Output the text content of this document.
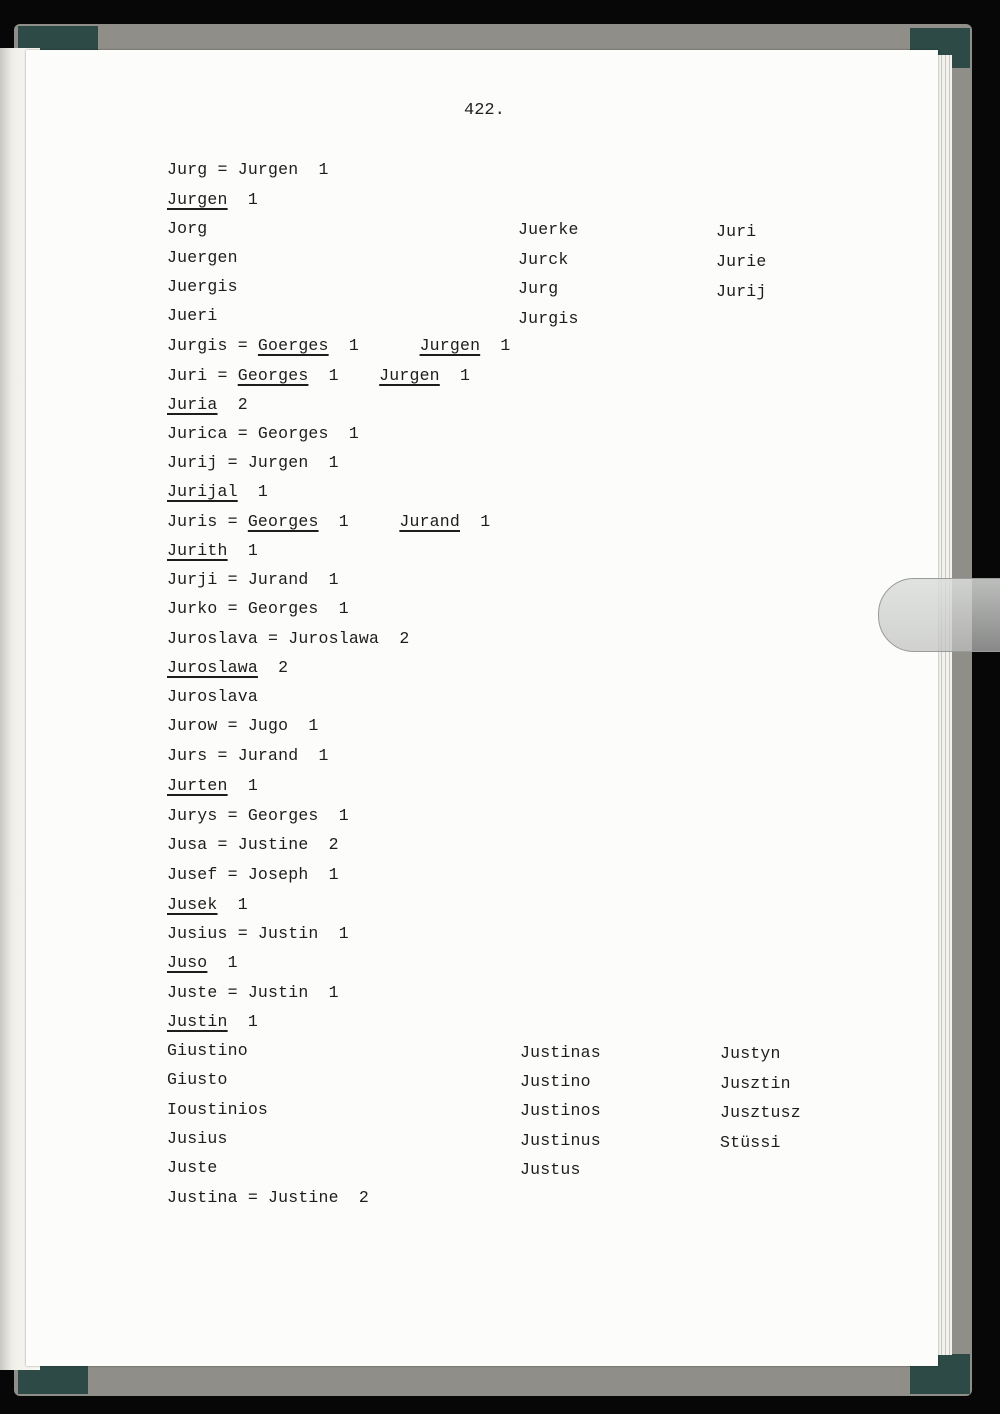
422.
Jurg = Jurgen  1
Jurgen  1
Jorg
Juergen
Juergis
Jueri
Jurgis = Goerges  1      Jurgen  1
Juri = Georges  1    Jurgen  1
Juria  2
Jurica = Georges  1
Jurij = Jurgen  1
Jurijal  1
Juris = Georges  1     Jurand  1
Jurith  1
Jurji = Jurand  1
Jurko = Georges  1
Juroslava = Juroslawa  2
Juroslawa  2
Juroslava
Jurow = Jugo  1
Jurs = Jurand  1
Jurten  1
Jurys = Georges  1
Jusa = Justine  2
Jusef = Joseph  1
Jusek  1
Jusius = Justin  1
Juso  1
Juste = Justin  1
Justin  1
Giustino
Giusto
Ioustinios
Jusius
Juste
Justina = Justine  2
Juerke
Jurck
Jurg
Jurgis
Juri
Jurie
Jurij
Justinas
Justino
Justinos
Justinus
Justus
Justyn
Jusztin
Jusztusz
Stüssi
